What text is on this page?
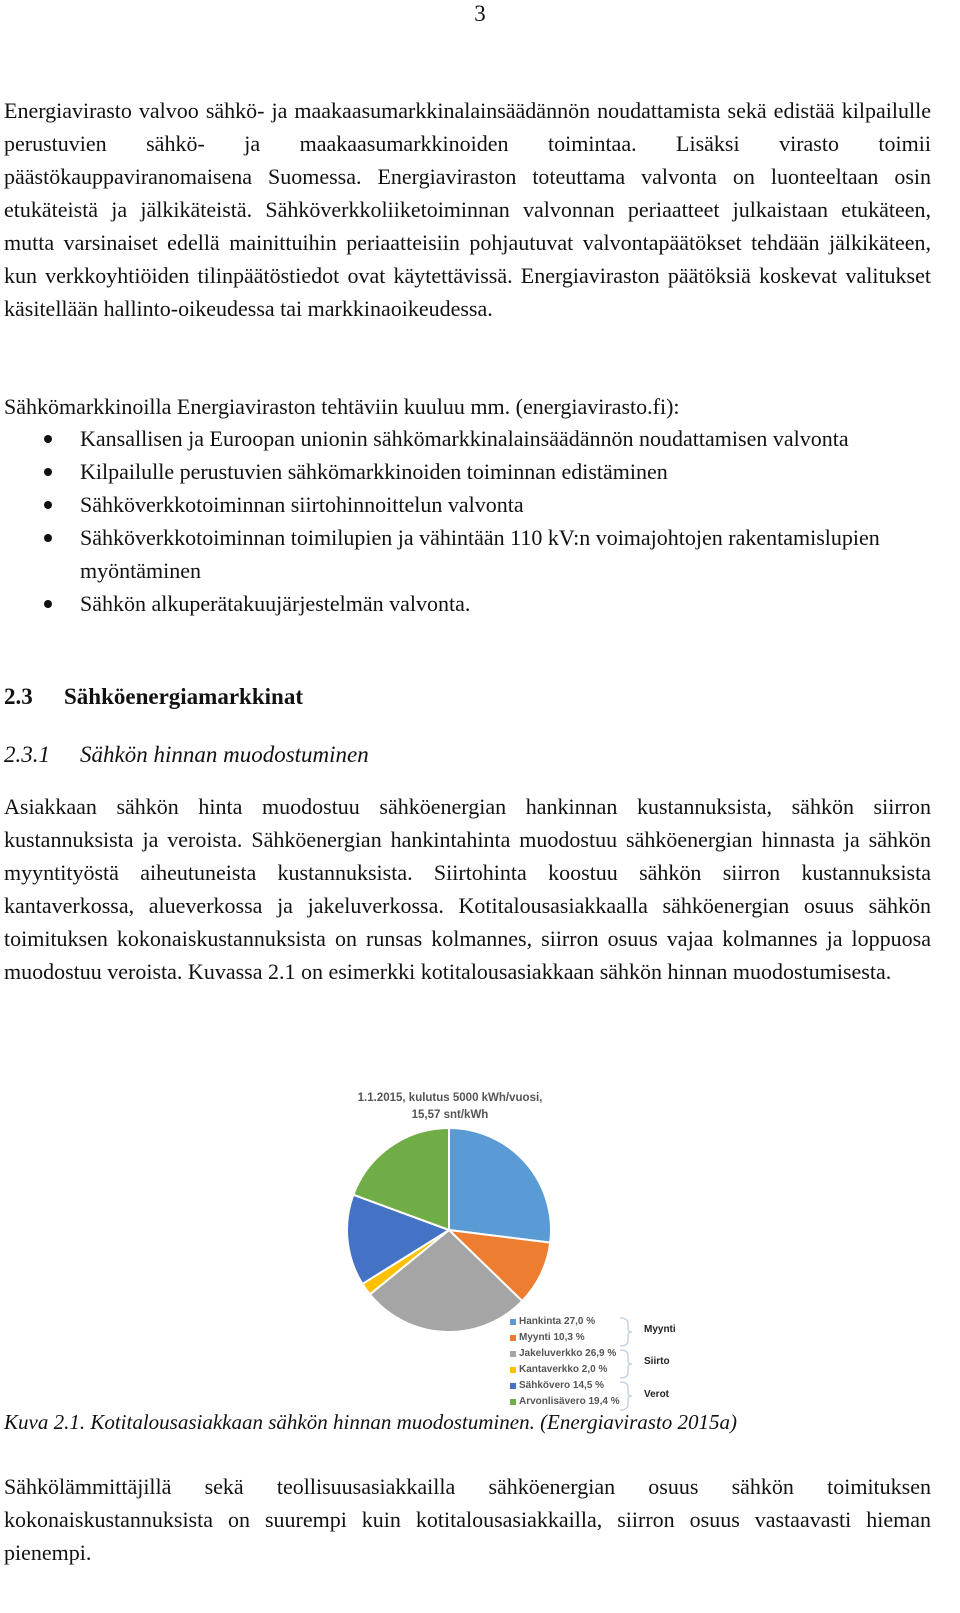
3

Energiavirasto valvoo sähkö- ja maakaasumarkkinalainsäädännön noudattamista sekä edistää kilpailulle perustuvien sähkö- ja maakaasumarkkinoiden toimintaa. Lisäksi virasto toimii päästökauppaviranomaisena Suomessa. Energiaviraston toteuttama valvonta on luonteeltaan osin etukäteistä ja jälkikäteistä. Sähköverkkoliiketoiminnan valvonnan periaatteet julkaistaan etukäteen, mutta varsinaiset edellä mainittuihin periaatteisiin pohjautuvat valvontapäätökset tehdään jälkikäteen, kun verkkoyhtiöiden tilinpäätöstiedot ovat käytettävissä. Energiaviraston päätöksiä koskevat valitukset käsitellään hallinto-oikeudessa tai markkinaoikeudessa.

Sähkömarkkinoilla Energiaviraston tehtäviin kuuluu mm. (energiavirasto.fi):

Kansallisen ja Euroopan unionin sähkömarkkinalainsäädännön noudattamisen valvonta
Kilpailulle perustuvien sähkömarkkinoiden toiminnan edistäminen
Sähköverkkotoiminnan siirtohinnoittelun valvonta
Sähköverkkotoiminnan toimilupien ja vähintään 110 kV:n voimajohtojen rakentamislupien myöntäminen
Sähkön alkuperätakuujärjestelmän valvonta.
2.3 Sähköenergiamarkkinat
2.3.1 Sähkön hinnan muodostuminen

Asiakkaan sähkön hinta muodostuu sähköenergian hankinnan kustannuksista, sähkön siirron kustannuksista ja veroista. Sähköenergian hankintahinta muodostuu sähköenergian hinnasta ja sähkön myyntityöstä aiheutuneista kustannuksista. Siirtohinta koostuu sähkön siirron kustannuksista kantaverkossa, alueverkossa ja jakeluverkossa. Kotitalousasiakkaalla sähköenergian osuus sähkön toimituksen kokonaiskustannuksista on runsas kolmannes, siirron osuus vajaa kolmannes ja loppuosa muodostuu veroista. Kuvassa 2.1 on esimerkki kotitalousasiakkaan sähkön hinnan muodostumisesta.

1.1.2015, kulutus 5000 kWh/vuosi,
15,57 snt/kWh
Hankinta 27,0 %
Myynti 10,3 %
Jakeluverkko 26,9 %
Kantaverkko 2,0 %
Sähkövero 14,5 %
Arvonlisävero 19,4 %
Myynti
Siirto
Verot
Kuva 2.1. Kotitalousasiakkaan sähkön hinnan muodostuminen. (Energiavirasto 2015a)

Sähkölämmittäjillä sekä teollisuusasiakkailla sähköenergian osuus sähkön toimituksen kokonaiskustannuksista on suurempi kuin kotitalousasiakkailla, siirron osuus vastaavasti hieman pienempi.
